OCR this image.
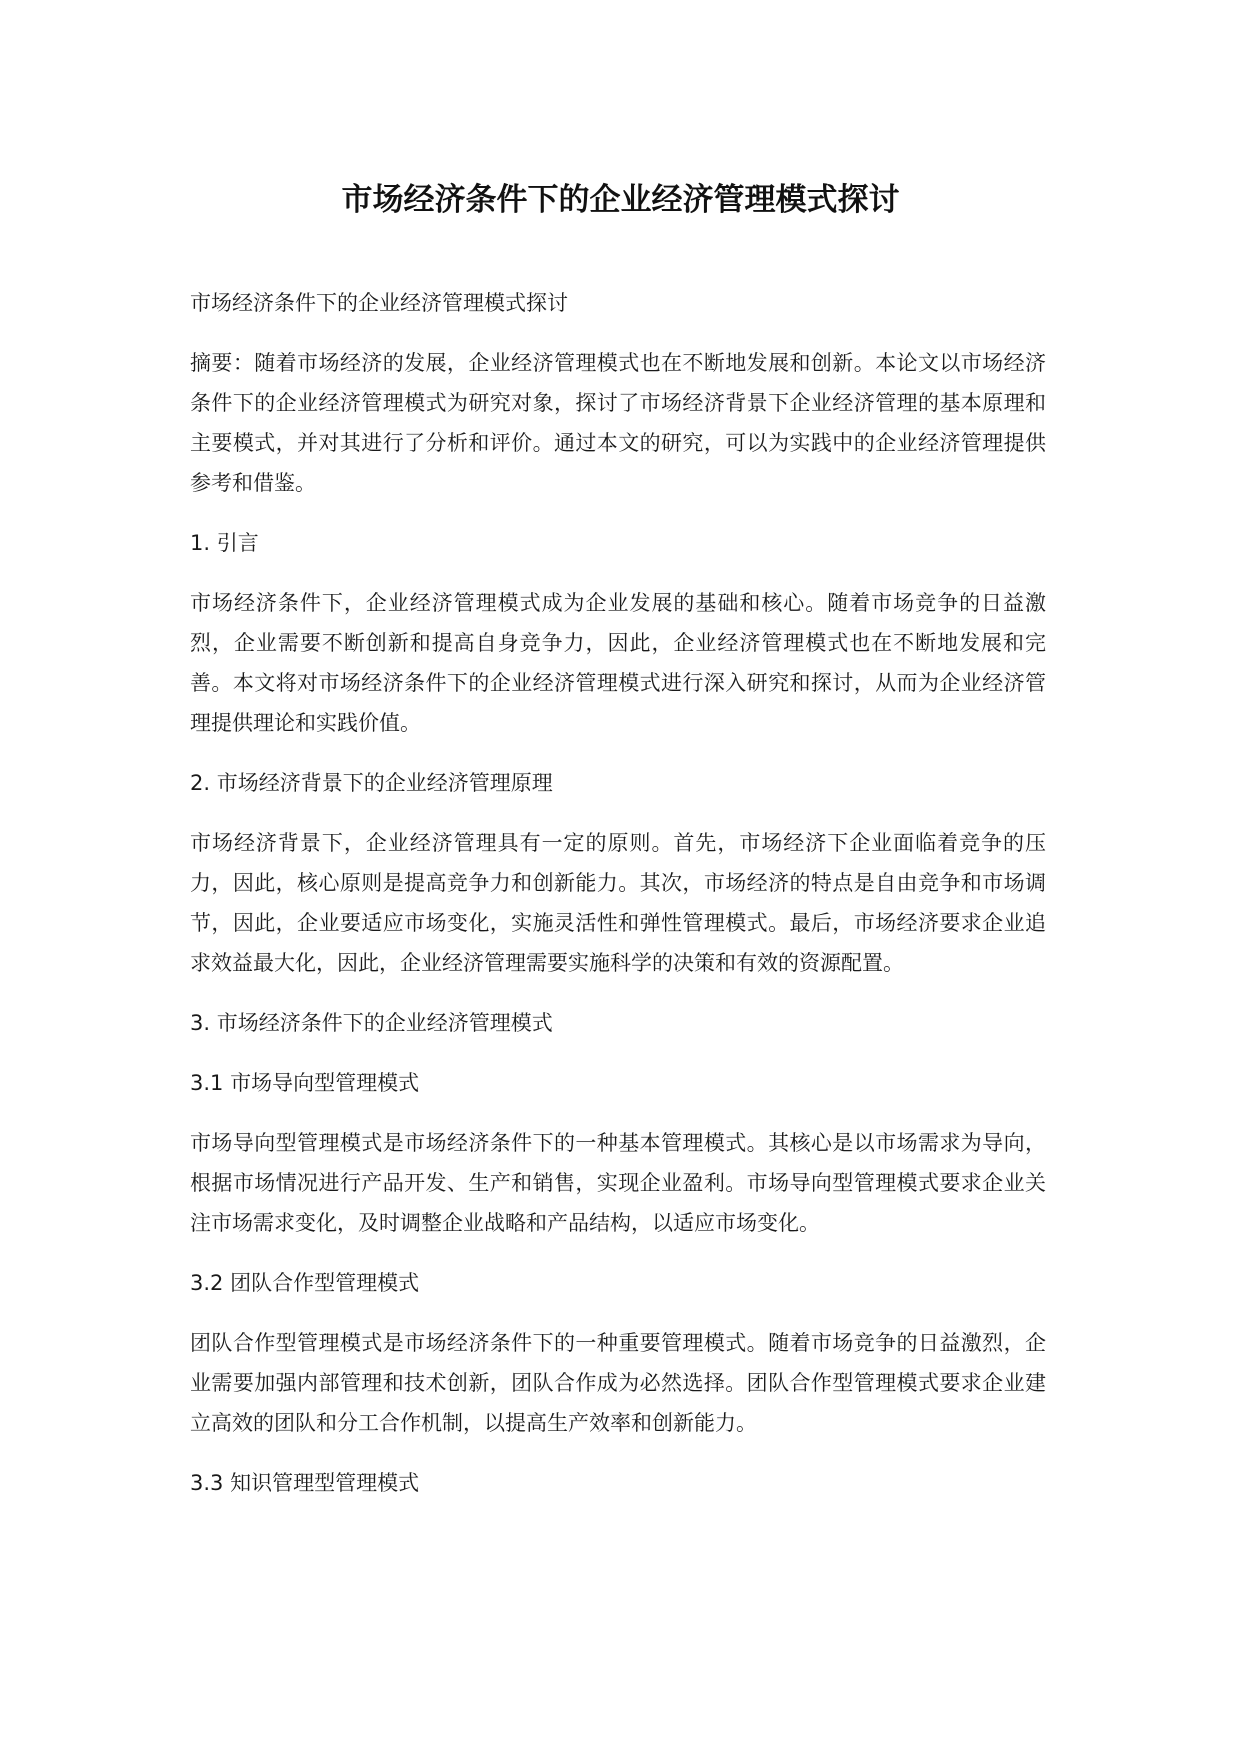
市场经济条件下的企业经济管理模式探讨

市场经济条件下的企业经济管理模式探讨

摘要：随着市场经济的发展，企业经济管理模式也在不断地发展和创新。本论文以市场经济条件下的企业经济管理模式为研究对象，探讨了市场经济背景下企业经济管理的基本原理和主要模式，并对其进行了分析和评价。通过本文的研究，可以为实践中的企业经济管理提供参考和借鉴。

1. 引言

市场经济条件下，企业经济管理模式成为企业发展的基础和核心。随着市场竞争的日益激烈，企业需要不断创新和提高自身竞争力，因此，企业经济管理模式也在不断地发展和完善。本文将对市场经济条件下的企业经济管理模式进行深入研究和探讨，从而为企业经济管理提供理论和实践价值。

2. 市场经济背景下的企业经济管理原理

市场经济背景下，企业经济管理具有一定的原则。首先，市场经济下企业面临着竞争的压力，因此，核心原则是提高竞争力和创新能力。其次，市场经济的特点是自由竞争和市场调节，因此，企业要适应市场变化，实施灵活性和弹性管理模式。最后，市场经济要求企业追求效益最大化，因此，企业经济管理需要实施科学的决策和有效的资源配置。

3. 市场经济条件下的企业经济管理模式

3.1 市场导向型管理模式

市场导向型管理模式是市场经济条件下的一种基本管理模式。其核心是以市场需求为导向，根据市场情况进行产品开发、生产和销售，实现企业盈利。市场导向型管理模式要求企业关注市场需求变化，及时调整企业战略和产品结构，以适应市场变化。

3.2 团队合作型管理模式

团队合作型管理模式是市场经济条件下的一种重要管理模式。随着市场竞争的日益激烈，企业需要加强内部管理和技术创新，团队合作成为必然选择。团队合作型管理模式要求企业建立高效的团队和分工合作机制，以提高生产效率和创新能力。

3.3 知识管理型管理模式
